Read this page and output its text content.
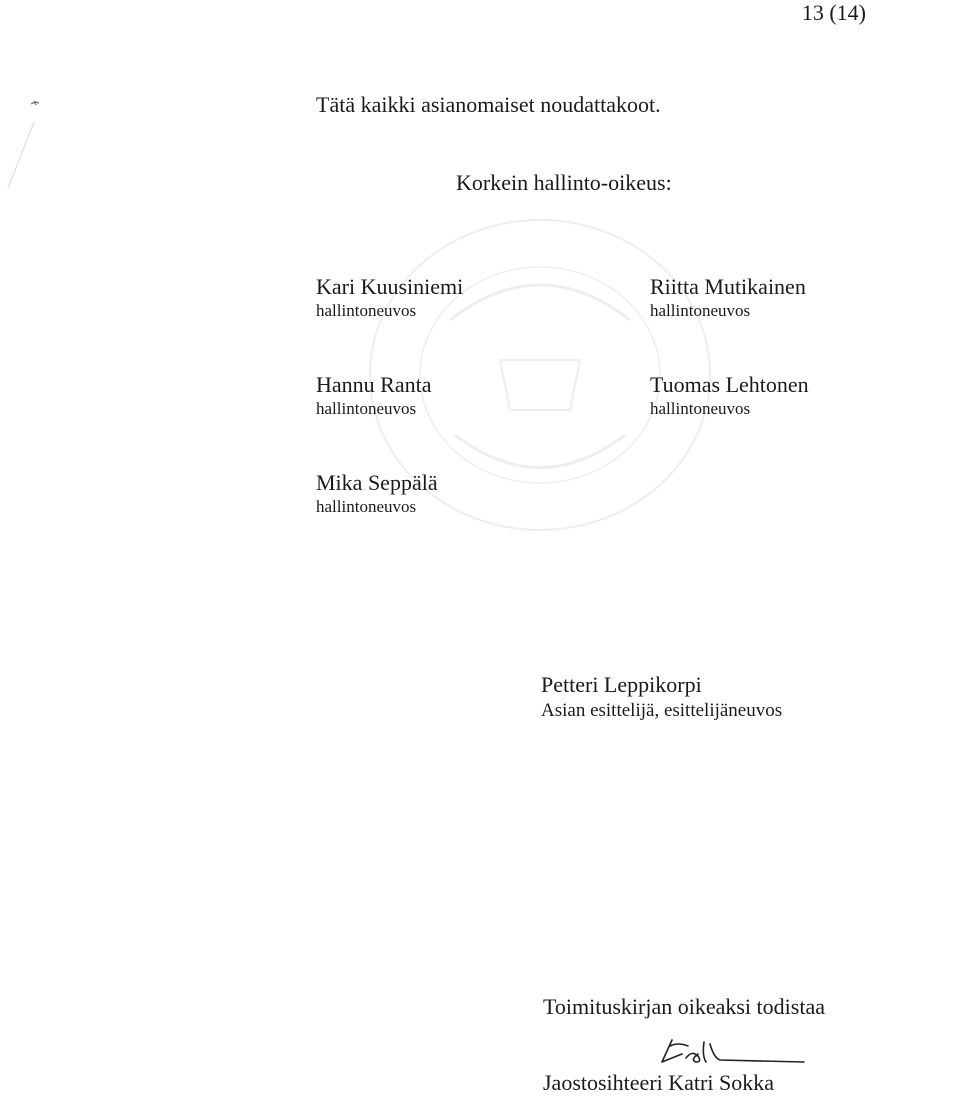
13 (14)
Tätä kaikki asianomaiset noudattakoot.
Korkein hallinto-oikeus:
Kari Kuusiniemi
hallintoneuvos
Riitta Mutikainen
hallintoneuvos
Hannu Ranta
hallintoneuvos
Tuomas Lehtonen
hallintoneuvos
Mika Seppälä
hallintoneuvos
Petteri Leppikorpi
Asian esittelijä, esittelijäneuvos
Toimituskirjan oikeaksi todistaa
Jaostosihteeri Katri Sokka
